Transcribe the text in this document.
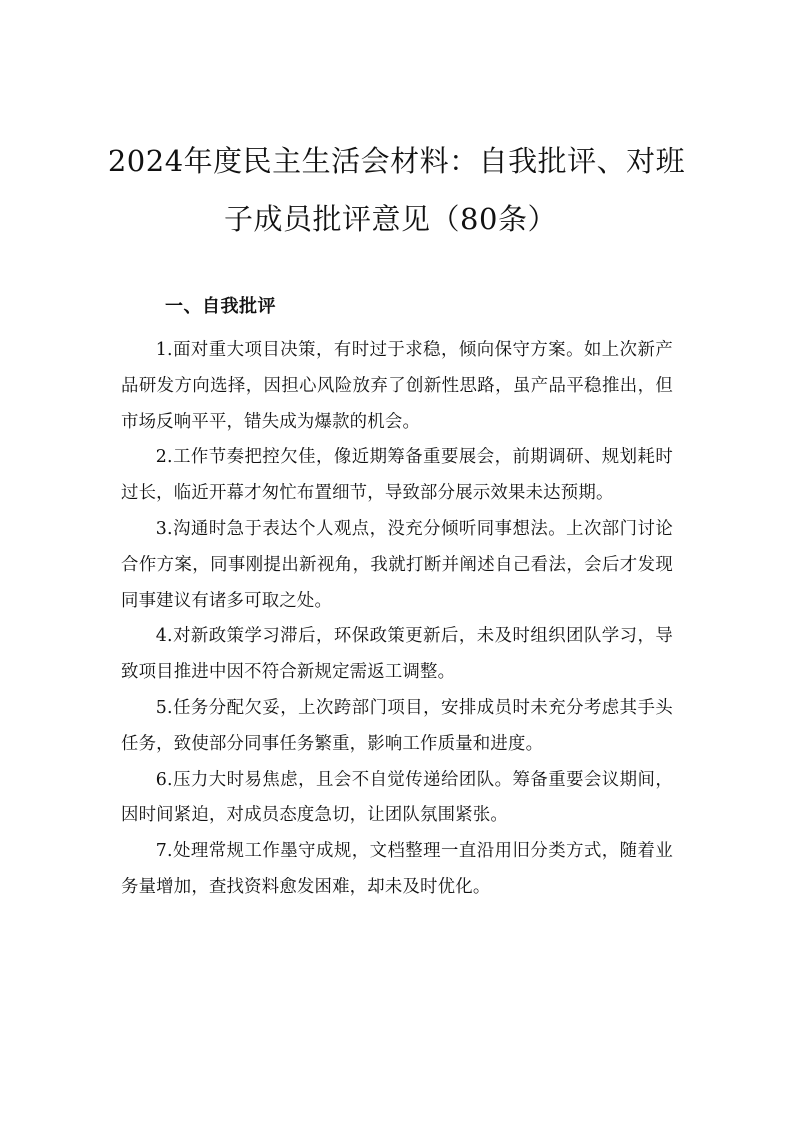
2024年度民主生活会材料：自我批评、对班
子成员批评意见（80条）
一、自我批评

1.面对重大项目决策，有时过于求稳，倾向保守方案。如上次新产品研发方向选择，因担心风险放弃了创新性思路，虽产品平稳推出，但市场反响平平，错失成为爆款的机会。

2.工作节奏把控欠佳，像近期筹备重要展会，前期调研、规划耗时过长，临近开幕才匆忙布置细节，导致部分展示效果未达预期。

3.沟通时急于表达个人观点，没充分倾听同事想法。上次部门讨论合作方案，同事刚提出新视角，我就打断并阐述自己看法，会后才发现同事建议有诸多可取之处。

4.对新政策学习滞后，环保政策更新后，未及时组织团队学习，导致项目推进中因不符合新规定需返工调整。

5.任务分配欠妥，上次跨部门项目，安排成员时未充分考虑其手头任务，致使部分同事任务繁重，影响工作质量和进度。

6.压力大时易焦虑，且会不自觉传递给团队。筹备重要会议期间，因时间紧迫，对成员态度急切，让团队氛围紧张。

7.处理常规工作墨守成规，文档整理一直沿用旧分类方式，随着业务量增加，查找资料愈发困难，却未及时优化。
